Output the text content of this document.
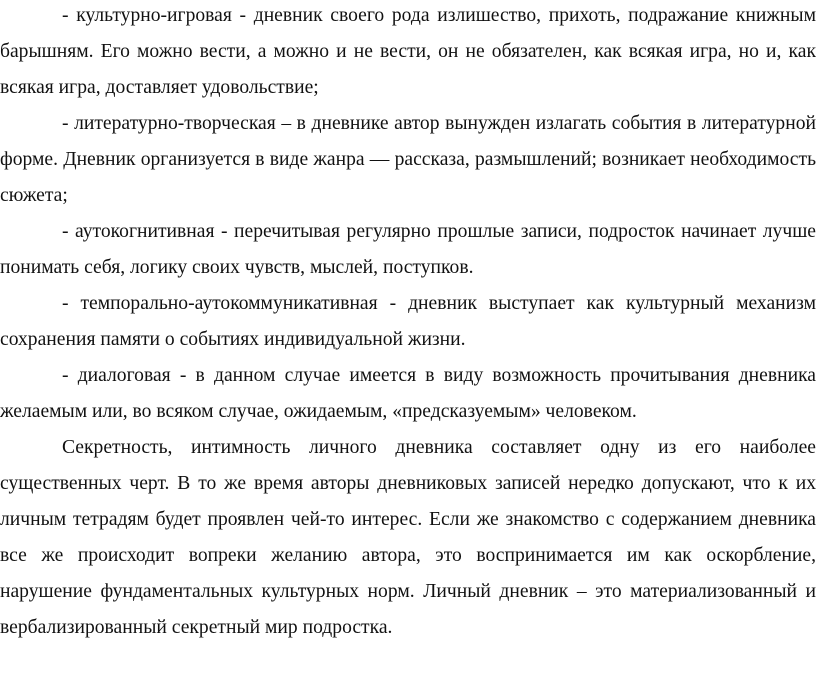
- культурно-игровая - дневник своего рода излишество, прихоть, подражание книжным барышням. Его можно вести, а можно и не вести, он не обязателен, как всякая игра, но и, как всякая игра, доставляет удовольствие;

- литературно-творческая – в дневнике автор вынужден излагать события в литературной форме. Дневник организуется в виде жанра — рассказа, размышлений; возникает необходимость сюжета;

- аутокогнитивная - перечитывая регулярно прошлые записи, подросток начинает лучше понимать себя, логику своих чувств, мыслей, поступков.

- темпорально-аутокоммуникативная - дневник выступает как культурный механизм сохранения памяти о событиях индивидуальной жизни.

- диалоговая - в данном случае имеется в виду возможность прочитывания дневника желаемым или, во всяком случае, ожидаемым, «предсказуемым» человеком.

Секретность, интимность личного дневника составляет одну из его наиболее существенных черт. В то же время авторы дневниковых записей нередко допускают, что к их личным тетрадям будет проявлен чей-то интерес. Если же знакомство с содержанием дневника все же происходит вопреки желанию автора, это воспринимается им как оскорбление, нарушение фундаментальных культурных норм. Личный дневник – это материализованный и вербализированный секретный мир подростка.
